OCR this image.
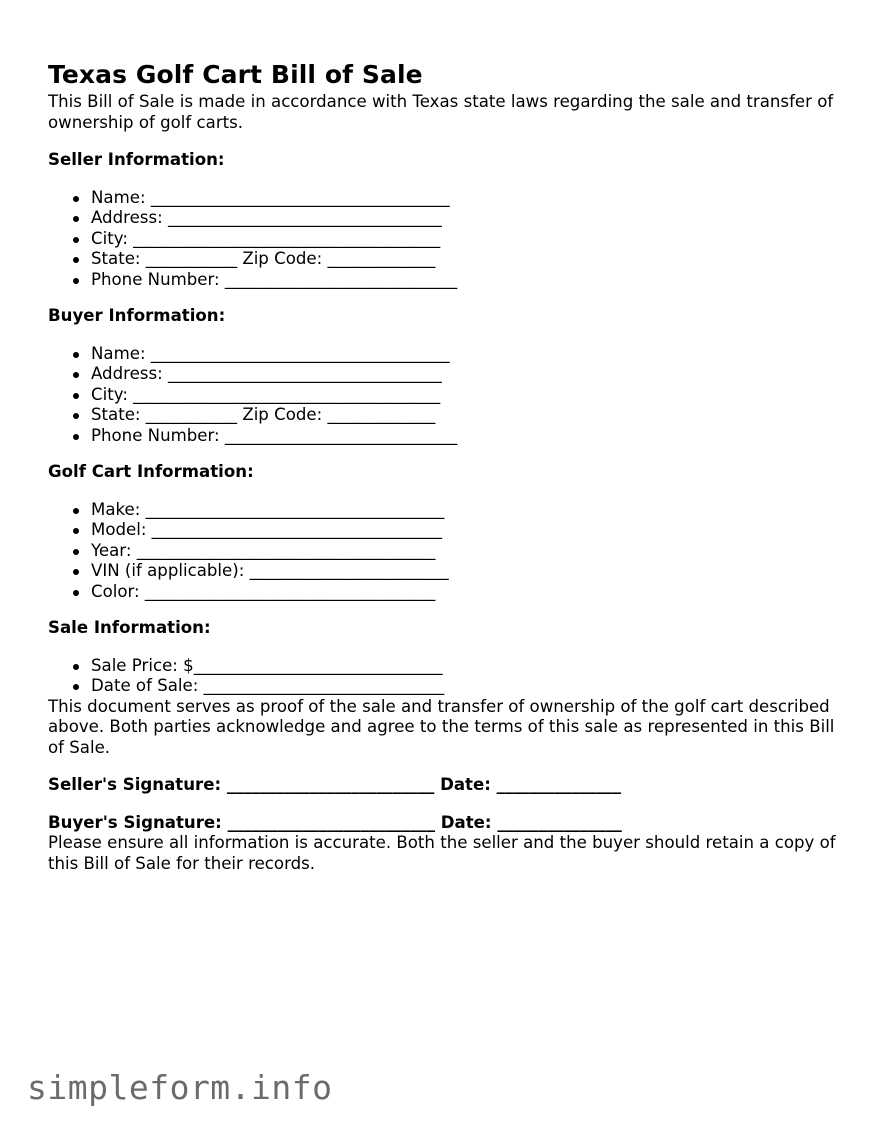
Texas Golf Cart Bill of Sale

This Bill of Sale is made in accordance with Texas state laws regarding the sale and transfer of ownership of golf carts.

Seller Information:
Name: ____________________________________
Address: _________________________________
City: _____________________________________
State: ___________ Zip Code: _____________
Phone Number: ____________________________
Buyer Information:
Name: ____________________________________
Address: _________________________________
City: _____________________________________
State: ___________ Zip Code: _____________
Phone Number: ____________________________
Golf Cart Information:
Make: ____________________________________
Model: ___________________________________
Year: ____________________________________
VIN (if applicable): ________________________
Color: ___________________________________
Sale Information:
Sale Price: $______________________________
Date of Sale: _____________________________

This document serves as proof of the sale and transfer of ownership of the golf cart described above. Both parties acknowledge and agree to the terms of this sale as represented in this Bill of Sale.

Seller's Signature: _________________________ Date: _______________
Buyer's Signature: _________________________ Date: _______________

Please ensure all information is accurate. Both the seller and the buyer should retain a copy of this Bill of Sale for their records.

simpleform.info
